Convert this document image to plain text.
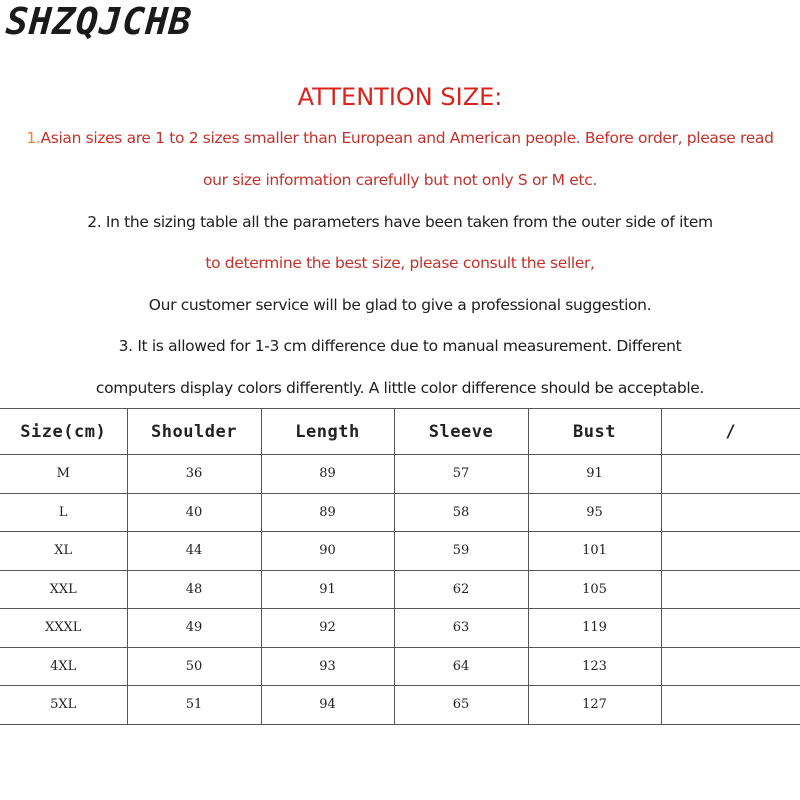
SHZQJCHB
ATTENTION SIZE:
1.Asian sizes are 1 to 2 sizes smaller than European and American people. Before order, please read
our size information carefully but not only S or M etc.
2. In the sizing table all the parameters have been taken from the outer side of item
to determine the best size, please consult the seller,
Our customer service will be glad to give a professional suggestion.
3. It is allowed for 1-3 cm difference due to manual measurement. Different
computers display colors differently. A little color difference should be acceptable.
Size(cm)	Shoulder	Length	Sleeve	Bust	/
M	36	89	57	91	
L	40	89	58	95	
XL	44	90	59	101	
XXL	48	91	62	105	
XXXL	49	92	63	119	
4XL	50	93	64	123	
5XL	51	94	65	127	
